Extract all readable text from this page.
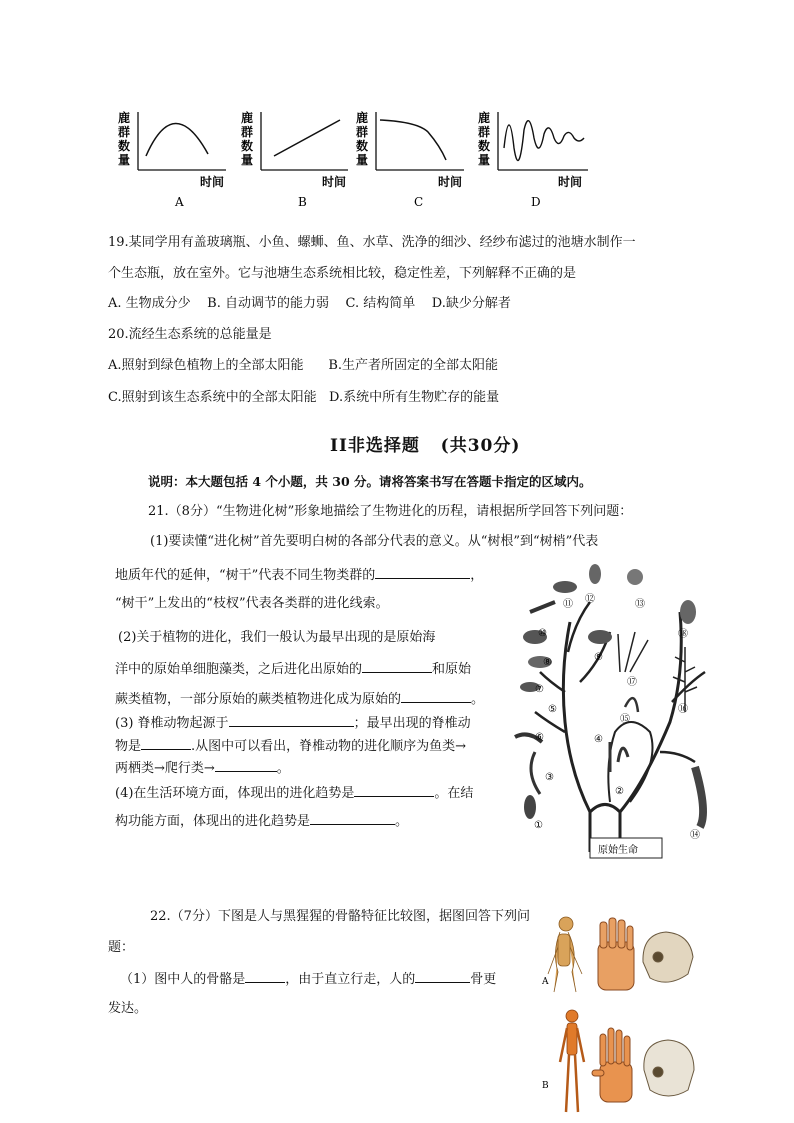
鹿
群
数
量
时间
A
鹿
群
数
量
时间
B
鹿
群
数
量
时间
C
鹿
群
数
量
时间
D
19.某同学用有盖玻璃瓶、小鱼、螺蛳、鱼、水草、洗净的细沙、经纱布滤过的池塘水制作一
个生态瓶，放在室外。它与池塘生态系统相比较，稳定性差，下列解释不正确的是
A. 生物成分少    B. 自动调节的能力弱    C. 结构简单    D.缺少分解者
20.流经生态系统的总能量是
A.照射到绿色植物上的全部太阳能      B.生产者所固定的全部太阳能
C.照射到该生态系统中的全部太阳能   D.系统中所有生物贮存的能量
II非选择题   (共30分)
说明：本大题包括 4 个小题，共 30 分。请将答案书写在答题卡指定的区域内。
21.（8分）“生物进化树”形象地描绘了生物进化的历程，请根据所学回答下列问题：
(1)要读懂“进化树”首先要明白树的各部分代表的意义。从“树根”到“树梢”代表
地质年代的延伸，“树干”代表不同生物类群的	，
“树干”上发出的“枝杈”代表各类群的进化线索。
(2)关于植物的进化，我们一般认为最早出现的是原始海
洋中的原始单细胞藻类，之后进化出原始的	和原始
蕨类植物，一部分原始的蕨类植物进化成为原始的	。
(3) 脊椎动物起源于	；最早出现的脊椎动
物是	.从图中可以看出，脊椎动物的进化顺序为鱼类→
两栖类→爬行类→	。
(4)在生活环境方面，体现出的进化趋势是	。在结
构功能方面，体现出的进化趋势是	。
原始生命
①
②
③
④
⑤
⑥
⑦
⑧	⑨
⑩
⑪ ⑫	⑬
⑭
⑮
⑯
⑰
⑱
22.（7分）下图是人与黑猩猩的骨骼特征比较图，据图回答下列问
题：
（1）图中人的骨骼是	，由于直立行走，人的	骨更
发达。
A
B
